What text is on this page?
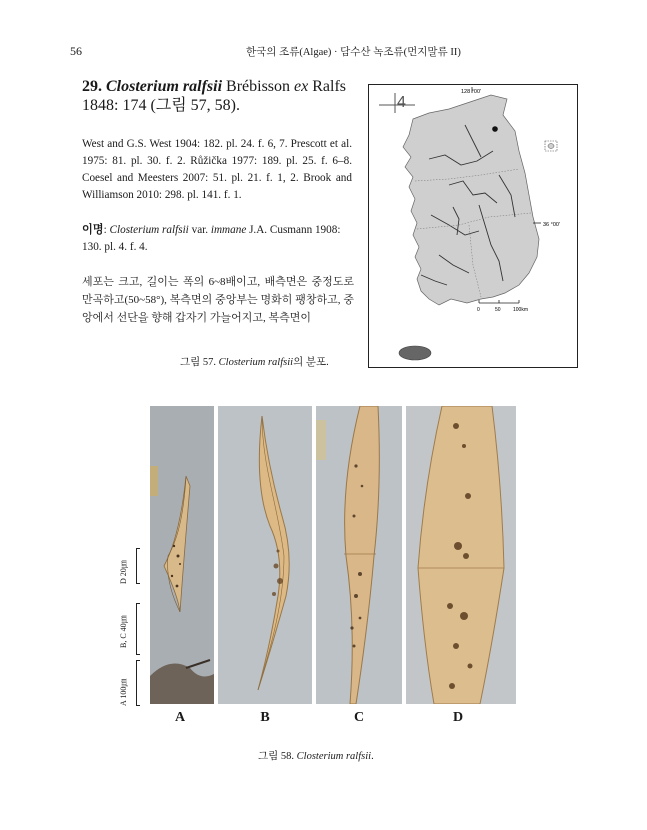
56	한국의 조류(Algae) · 담수산 녹조류(먼지말류 II)
29. Closterium ralfsii Brébisson ex Ralfs
1848: 174 (그림 57, 58).
West and G.S. West 1904: 182. pl. 24. f. 6, 7. Prescott et al. 1975: 81. pl. 30. f. 2. Růžička 1977: 189. pl. 25. f. 6–8. Coesel and Meesters 2007: 51. pl. 21. f. 1, 2. Brook and Williamson 2010: 298. pl. 141. f. 1.
이명: Closterium ralfsii var. immane J.A. Cusmann 1908: 130. pl. 4. f. 4.
세포는 크고, 길이는 폭의 6~8배이고, 배측면은 중정도로 만곡하고(50~58°), 복측면의 중앙부는 명화히 팽창하고, 중앙에서 선단을 향해 갑자기 가늘어지고, 복측면이
그림 57. Closterium ralfsii의 분포.
4
128 °00'
36 °00'
0	50 100km
D 20㎛
B, C 40㎛
A 100㎛
A	B	C	D
그림 58. Closterium ralfsii.
